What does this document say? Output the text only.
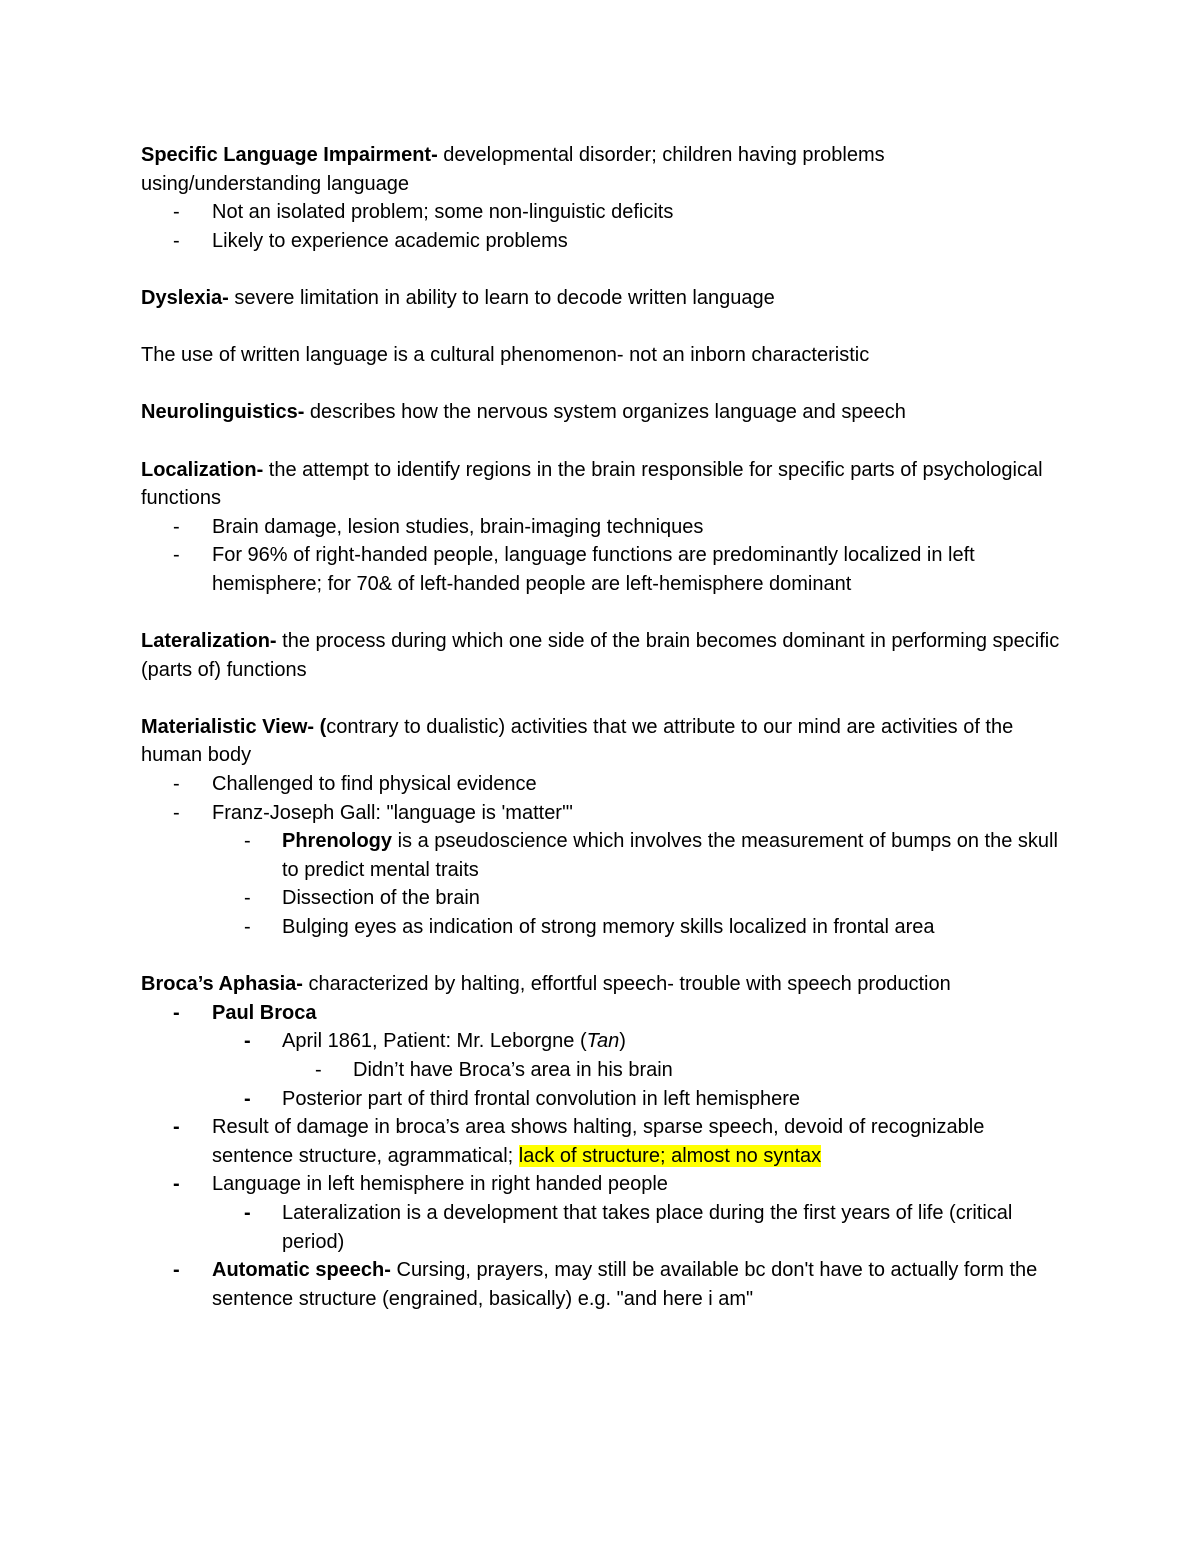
Specific Language Impairment- developmental disorder; children having problems using/understanding language

-	Not an isolated problem; some non-linguistic deficits
-	Likely to experience academic problems

Dyslexia- severe limitation in ability to learn to decode written language

The use of written language is a cultural phenomenon- not an inborn characteristic

Neurolinguistics- describes how the nervous system organizes language and speech

Localization- the attempt to identify regions in the brain responsible for specific parts of psychological functions

-	Brain damage, lesion studies, brain-imaging techniques
-	For 96% of right-handed people, language functions are predominantly localized in left hemisphere; for 70& of left-handed people are left-hemisphere dominant

Lateralization- the process during which one side of the brain becomes dominant in performing specific (parts of) functions

Materialistic View- (contrary to dualistic) activities that we attribute to our mind are activities of the human body

-	Challenged to find physical evidence
-	Franz-Joseph Gall: "language is 'matter'"
-	Phrenology is a pseudoscience which involves the measurement of bumps on the skull to predict mental traits
-	Dissection of the brain
-	Bulging eyes as indication of strong memory skills localized in frontal area

Broca’s Aphasia- characterized by halting, effortful speech- trouble with speech production

-	Paul Broca
-	April 1861, Patient: Mr. Leborgne (Tan)
-	Didn’t have Broca’s area in his brain
-	Posterior part of third frontal convolution in left hemisphere
-	Result of damage in broca’s area shows halting, sparse speech, devoid of recognizable sentence structure, agrammatical; lack of structure; almost no syntax
-	Language in left hemisphere in right handed people
-	Lateralization is a development that takes place during the first years of life (critical period)
-	Automatic speech- Cursing, prayers, may still be available bc don't have to actually form the sentence structure (engrained, basically) e.g. "and here i am"
